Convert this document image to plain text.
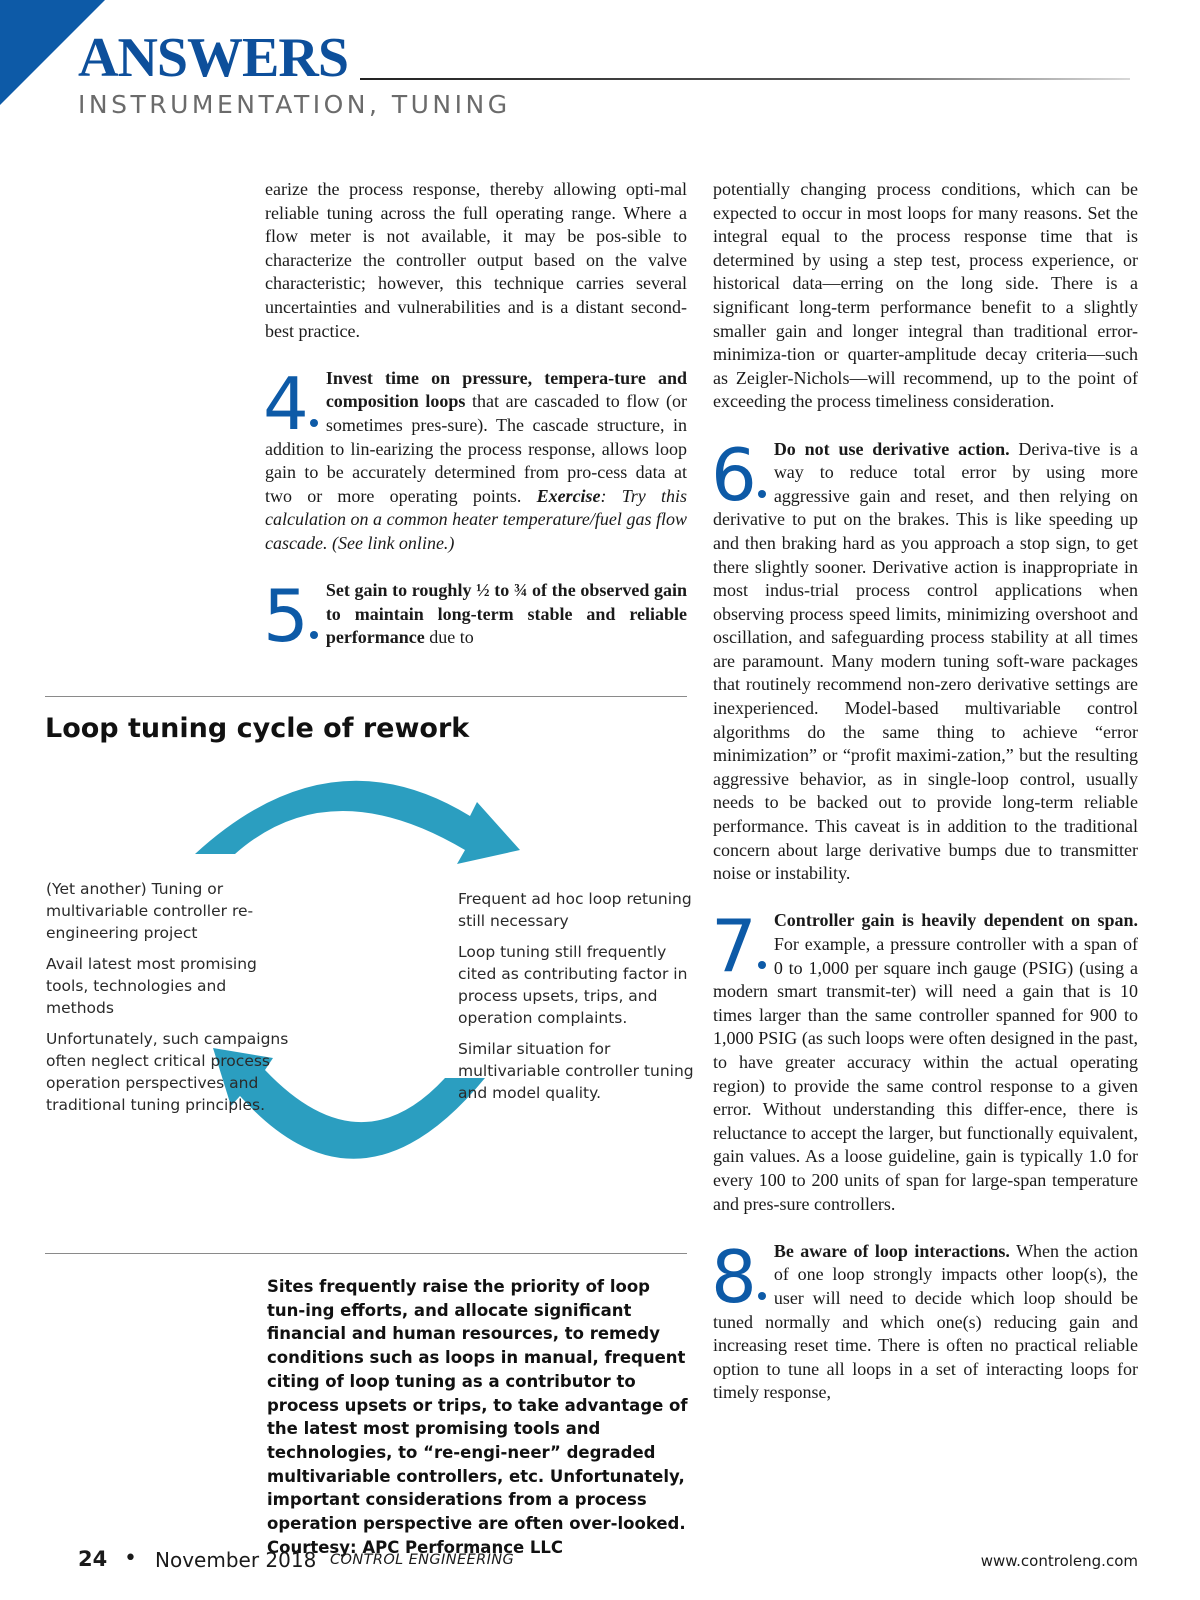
ANSWERS
INSTRUMENTATION, TUNING

earize the process response, thereby allowing opti-mal reliable tuning across the full operating range. Where a flow meter is not available, it may be pos-sible to characterize the controller output based on the valve characteristic; however, this technique carries several uncertainties and vulnerabilities and is a distant second-best practice.

4 Invest time on pressure, tempera-ture and composition loops that are cascaded to flow (or sometimes pres-sure). The cascade structure, in addition to lin-earizing the process response, allows loop gain to be accurately determined from pro-cess data at two or more operating points. Exercise: Try this calculation on a common heater temperature/fuel gas flow cascade. (See link online.)

5 Set gain to roughly ½ to ¾ of the observed gain to maintain long-term stable and reliable performance due to

Loop tuning cycle of rework

(Yet another) Tuning or multivariable controller re-engineering project

Avail latest most promising tools, technologies and methods

Unfortunately, such campaigns often neglect critical process operation perspectives and traditional tuning principles.

Frequent ad hoc loop retuning still necessary

Loop tuning still frequently cited as contributing factor in process upsets, trips, and operation complaints.

Similar situation for multivariable controller tuning and model quality.

Sites frequently raise the priority of loop tun-ing efforts, and allocate significant financial and human resources, to remedy conditions such as loops in manual, frequent citing of loop tuning as a contributor to process upsets or trips, to take advantage of the latest most promising tools and technologies, to “re-engi-neer” degraded multivariable controllers, etc. Unfortunately, important considerations from a process operation perspective are often over-looked. Courtesy: APC Performance LLC

potentially changing process conditions, which can be expected to occur in most loops for many reasons. Set the integral equal to the process response time that is determined by using a step test, process experience, or historical data—erring on the long side. There is a significant long-term performance benefit to a slightly smaller gain and longer integral than traditional error-minimiza-tion or quarter-amplitude decay criteria—such as Zeigler-Nichols—will recommend, up to the point of exceeding the process timeliness consideration.

6 Do not use derivative action. Deriva-tive is a way to reduce total error by using more aggressive gain and reset, and then relying on derivative to put on the brakes. This is like speeding up and then braking hard as you approach a stop sign, to get there slightly sooner. Derivative action is inappropriate in most indus-trial process control applications when observing process speed limits, minimizing overshoot and oscillation, and safeguarding process stability at all times are paramount. Many modern tuning soft-ware packages that routinely recommend non-zero derivative settings are inexperienced. Model-based multivariable control algorithms do the same thing to achieve “error minimization” or “profit maximi-zation,” but the resulting aggressive behavior, as in single-loop control, usually needs to be backed out to provide long-term reliable performance. This caveat is in addition to the traditional concern about large derivative bumps due to transmitter noise or instability.

7 Controller gain is heavily dependent on span. For example, a pressure controller with a span of 0 to 1,000 per square inch gauge (PSIG) (using a modern smart transmit-ter) will need a gain that is 10 times larger than the same controller spanned for 900 to 1,000 PSIG (as such loops were often designed in the past, to have greater accuracy within the actual operating region) to provide the same control response to a given error. Without understanding this differ-ence, there is reluctance to accept the larger, but functionally equivalent, gain values. As a loose guideline, gain is typically 1.0 for every 100 to 200 units of span for large-span temperature and pres-sure controllers.

8 Be aware of loop interactions. When the action of one loop strongly impacts other loop(s), the user will need to decide which loop should be tuned normally and which one(s) reducing gain and increasing reset time. There is often no practical reliable option to tune all loops in a set of interacting loops for timely response,

24 • November 2018 CONTROL ENGINEERING	www.controleng.com
